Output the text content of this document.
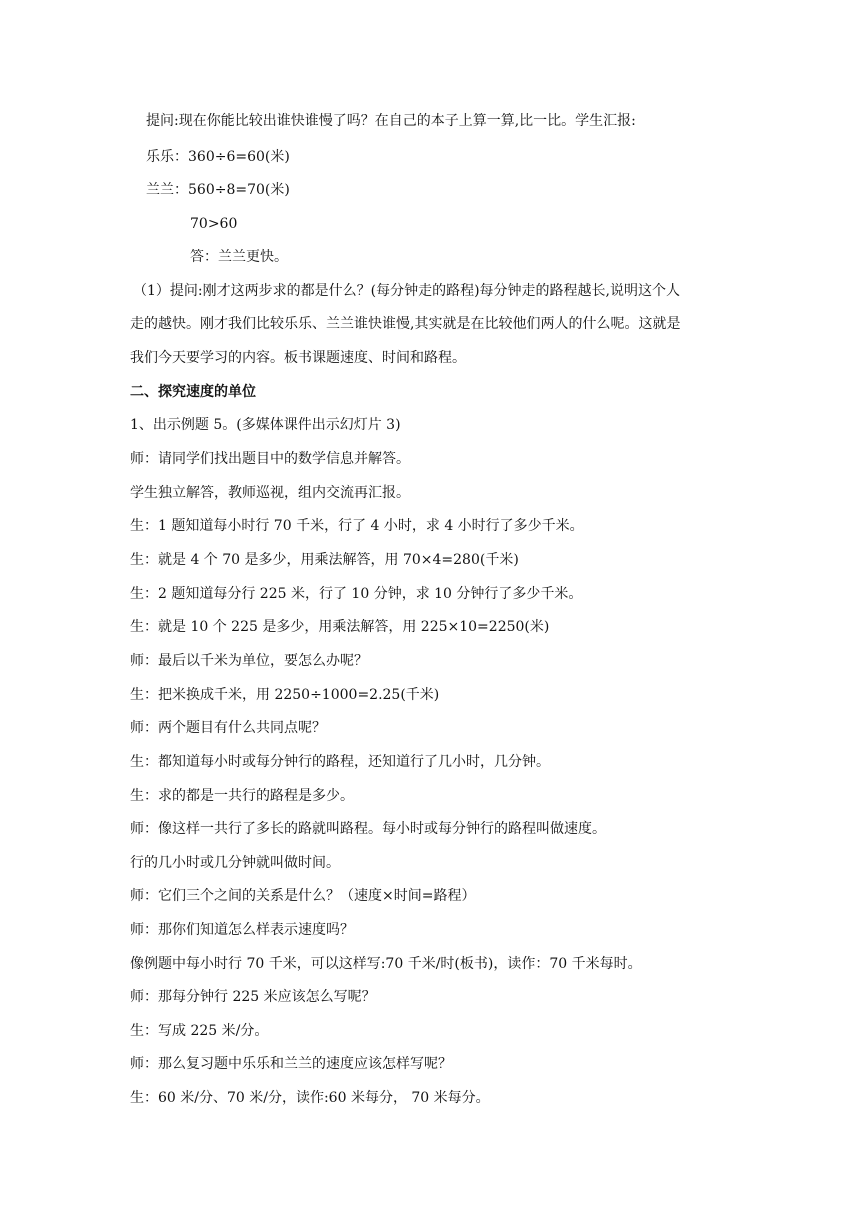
提问:现在你能比较出谁快谁慢了吗？在自己的本子上算一算,比一比。学生汇报:
乐乐：360÷6=60(米)
兰兰：560÷8=70(米)
70>60
答：兰兰更快。
（1）提问:刚才这两步求的都是什么？(每分钟走的路程)每分钟走的路程越长,说明这个人
走的越快。刚才我们比较乐乐、兰兰谁快谁慢,其实就是在比较他们两人的什么呢。这就是
我们今天要学习的内容。板书课题速度、时间和路程。
二、探究速度的单位
1、出示例题 5。(多媒体课件出示幻灯片 3)
师：请同学们找出题目中的数学信息并解答。
学生独立解答，教师巡视，组内交流再汇报。
生：1 题知道每小时行 70 千米，行了 4 小时，求 4 小时行了多少千米。
生：就是 4 个 70 是多少，用乘法解答，用 70×4=280(千米)
生：2 题知道每分行 225 米，行了 10 分钟，求 10 分钟行了多少千米。
生：就是 10 个 225 是多少，用乘法解答，用 225×10=2250(米)
师：最后以千米为单位，要怎么办呢？
生：把米换成千米，用 2250÷1000=2.25(千米)
师：两个题目有什么共同点呢？
生：都知道每小时或每分钟行的路程，还知道行了几小时，几分钟。
生：求的都是一共行的路程是多少。
师：像这样一共行了多长的路就叫路程。每小时或每分钟行的路程叫做速度。
行的几小时或几分钟就叫做时间。
师：它们三个之间的关系是什么？（速度×时间=路程）
师：那你们知道怎么样表示速度吗？
像例题中每小时行 70 千米，可以这样写:70 千米/时(板书)，读作：70 千米每时。
师：那每分钟行 225 米应该怎么写呢？
生：写成 225 米/分。
师：那么复习题中乐乐和兰兰的速度应该怎样写呢？
生：60 米/分、70 米/分，读作:60 米每分， 70 米每分。
